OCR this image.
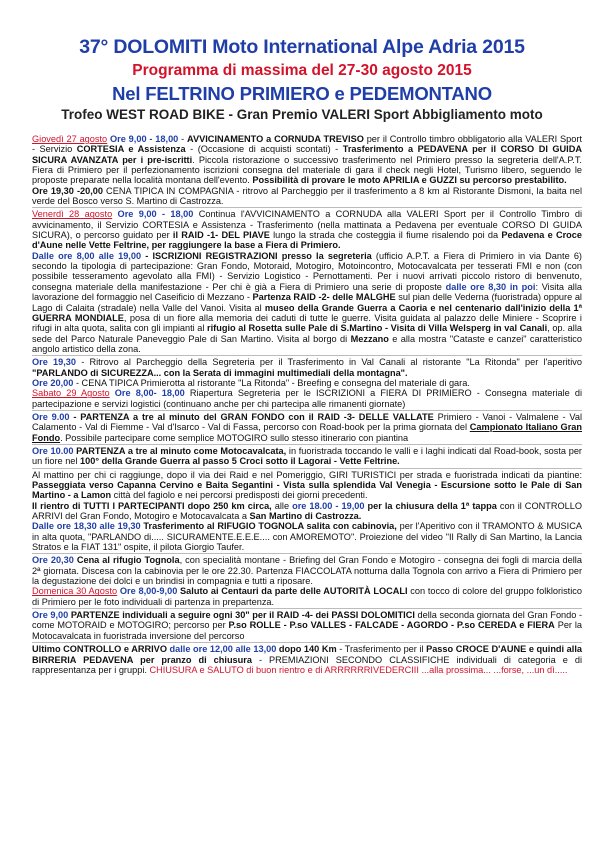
37° DOLOMITI Moto International Alpe Adria 2015
Programma di massima del 27-30 agosto 2015
Nel FELTRINO PRIMIERO e PEDEMONTANO
Trofeo WEST ROAD BIKE - Gran Premio VALERI Sport Abbigliamento moto
Giovedì 27 agosto Ore 9,00 - 18,00 - AVVICINAMENTO a CORNUDA TREVISO per il Controllo timbro obbligatorio alla VALERI Sport - Servizio CORTESIA e Assistenza - (Occasione di acquisti scontati) - Trasferimento a PEDAVENA per il CORSO DI GUIDA SICURA AVANZATA per i pre-iscritti. Piccola ristorazione o successivo trasferimento nel Primiero presso la segreteria dell'A.P.T. Fiera di Primiero per il perfezionamento iscrizioni consegna del materiale di gara il check negli Hotel, Turismo libero, seguendo le proposte preparate nella località montana dell'evento. Possibilità di provare le moto APRILIA e GUZZI su percorso prestabilito.
Ore 19,30 -20,00 CENA TIPICA IN COMPAGNIA - ritrovo al Parcheggio per il trasferimento a 8 km al Ristorante Dismoni, la baita nel verde del Bosco verso S. Martino di Castrozza.
Venerdì 28 agosto Ore 9,00 - 18,00 Continua l'AVVICINAMENTO a CORNUDA alla VALERI Sport per il Controllo Timbro di avvicinamento, il Servizio CORTESIA e Assistenza - Trasferimento (nella mattinata a Pedavena per eventuale CORSO DI GUIDA SICURA), o percorso guidato per il RAID -1- DEL PIAVE lungo la strada che costeggia il fiume risalendo poi da Pedavena e Croce d'Aune nelle Vette Feltrine, per raggiungere la base a Fiera di Primiero.
Dalle ore 8,00 alle 19,00 - ISCRIZIONI REGISTRAZIONI presso la segreteria (ufficio A.P.T. a Fiera di Primiero in via Dante 6) secondo la tipologia di partecipazione: Gran Fondo, Motoraid, Motogiro, Motoincontro, Motocavalcata per tesserati FMI e non (con possibile tesseramento agevolato alla FMI) - Servizio Logistico - Pernottamenti. Per i nuovi arrivati piccolo ristoro di benvenuto, consegna materiale della manifestazione - Per chi è già a Fiera di Primiero una serie di proposte dalle ore 8,30 in poi: Visita alla lavorazione del formaggio nel Caseificio di Mezzano - Partenza RAID -2- delle MALGHE sul pian delle Vederna (fuoristrada) oppure al Lago di Calaita (stradale) nella Valle del Vanoi. Visita al museo della Grande Guerra a Caoria e nel centenario dall'inizio della 1ª GUERRA MONDIALE, posa di un fiore alla memoria dei caduti di tutte le guerre. Visita guidata al palazzo delle Miniere - Scoprire i rifugi in alta quota, salita con gli impianti al rifugio al Rosetta sulle Pale di S.Martino - Visita di Villa Welsperg in val Canali, op. alla sede del Parco Naturale Paneveggio Pale di San Martino. Visita al borgo di Mezzano e alla mostra "Cataste e canzei" caratteristico angolo artistico della zona.
Ore 19,30 - Ritrovo al Parcheggio della Segreteria per il Trasferimento in Val Canali al ristorante "La Ritonda" per l'aperitivo "PARLANDO di SICUREZZA... con la Serata di immagini multimediali della montagna".
Ore 20,00 - CENA TIPICA Primierotta al ristorante "La Ritonda" - Breefing e consegna del materiale di gara.
Sabato 29 Agosto Ore 8,00- 18,00 Riapertura Segreteria per le ISCRIZIONI a FIERA DI PRIMIERO - Consegna materiale di partecipazione e servizi logistici (continuano anche per chi partecipa alle rimanenti giornate)
Ore 9.00 - PARTENZA a tre al minuto del GRAN FONDO con il RAID -3- DELLE VALLATE Primiero - Vanoi - Valmalene - Val Calamento - Val di Fiemme - Val d'Isarco - Val di Fassa, percorso con Road-book per la prima giornata del Campionato Italiano Gran Fondo. Possibile partecipare come semplice MOTOGIRO sullo stesso itinerario con piantina
Ore 10.00 PARTENZA a tre al minuto come Motocavalcata, in fuoristrada toccando le valli e i laghi indicati dal Road-book, sosta per un fiore nel 100° della Grande Guerra al passo 5 Croci sotto il Lagorai - Vette Feltrine.
Al mattino per chi ci raggiunge, dopo il via dei Raid e nel Pomeriggio, GIRI TURISTICI per strada e fuoristrada indicati da piantine: Passeggiata verso Capanna Cervino e Baita Segantini - Vista sulla splendida Val Venegia - Escursione sotto le Pale di San Martino - a Lamon città del fagiolo e nei percorsi predisposti dei giorni precedenti.
Il rientro di TUTTI I PARTECIPANTI dopo 250 km circa, alle ore 18.00 - 19,00 per la chiusura della 1ª tappa con il CONTROLLO ARRIVI del Gran Fondo, Motogiro e Motocavalcata a San Martino di Castrozza.
Dalle ore 18,30 alle 19,30 Trasferimento al RIFUGIO TOGNOLA salita con cabinovia, per l'Aperitivo con il TRAMONTO & MUSICA in alta quota, "PARLANDO di..... SICURAMENTE.E.E.E.... con AMOREMOTO". Proiezione del video "Il Rally di San Martino, la Lancia Stratos e la FIAT 131" ospite, il pilota Giorgio Taufer.
Ore 20,30 Cena al rifugio Tognola, con specialità montane - Briefing del Gran Fondo e Motogiro - consegna dei fogli di marcia della 2ª giornata. Discesa con la cabinovia per le ore 22.30. Partenza FIACCOLATA notturna dalla Tognola con arrivo a Fiera di Primiero per la degustazione dei dolci e un brindisi in compagnia e tutti a riposare.
Domenica 30 Agosto Ore 8,00-9,00 Saluto ai Centauri da parte delle AUTORITÀ LOCALI con tocco di colore del gruppo folkloristico di Primiero per le foto individuali di partenza in prepartenza.
Ore 9,00 PARTENZE individuali a seguire ogni 30" per il RAID -4- dei PASSI DOLOMITICI della seconda giornata del Gran Fondo - come MOTORAID e MOTOGIRO; percorso per P.so ROLLE - P.so VALLES - FALCADE - AGORDO - P.so CEREDA e FIERA Per la Motocavalcata in fuoristrada inversione del percorso
Ultimo CONTROLLO e ARRIVO dalle ore 12,00 alle 13,00 dopo 140 Km - Trasferimento per il Passo CROCE D'AUNE e quindi alla BIRRERIA PEDAVENA per pranzo di chiusura - PREMIAZIONI SECONDO CLASSIFICHE individuali di categoria e di rappresentanza per i gruppi. CHIUSURA e SALUTO di buon rientro e di ARRRRRRIVEDERCIII ...alla prossima... ...forse, ...un dì.....
